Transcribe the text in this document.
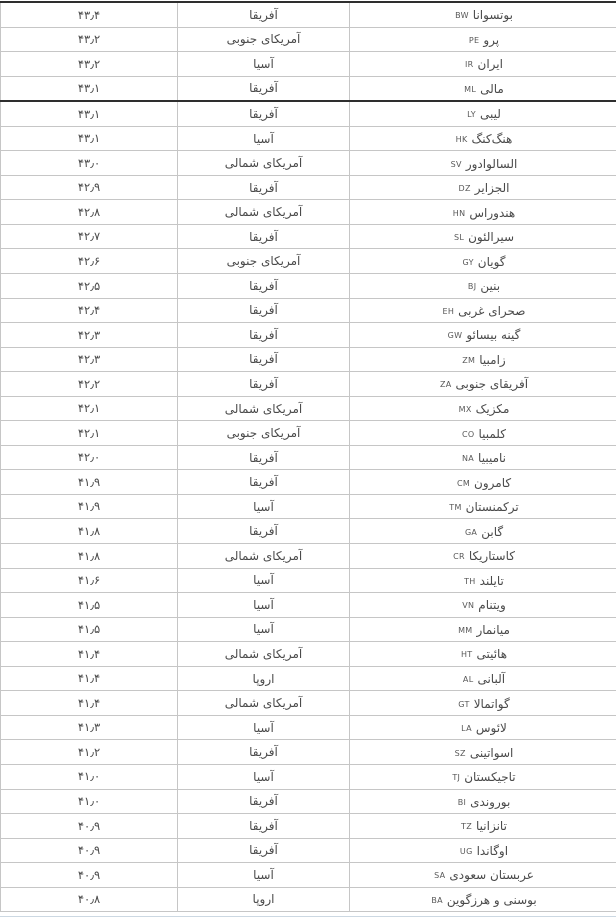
۴۳٫۴	آفریقا	BW بوتسوانا

۴۳٫۲	آمریکای جنوبی	PE پرو

۴۳٫۲	آسیا	IR ایران

۴۳٫۱	آفریقا	ML مالی

۴۳٫۱	آفریقا	LY لیبی

۴۳٫۱	آسیا	HK هنگ‌کنگ

۴۳٫۰	آمریکای شمالی	SV السالوادور

۴۲٫۹	آفریقا	DZ الجزایر

۴۲٫۸	آمریکای شمالی	HN هندوراس

۴۲٫۷	آفریقا	SL سیرالئون

۴۲٫۶	آمریکای جنوبی	GY گویان

۴۲٫۵	آفریقا	BJ بنین

۴۲٫۴	آفریقا	EH صحرای غربی

۴۲٫۳	آفریقا	GW گینه بیسائو

۴۲٫۳	آفریقا	ZM زامبیا

۴۲٫۲	آفریقا	ZA آفریقای جنوبی

۴۲٫۱	آمریکای شمالی	MX مکزیک

۴۲٫۱	آمریکای جنوبی	CO کلمبیا

۴۲٫۰	آفریقا	NA نامیبیا

۴۱٫۹	آفریقا	CM کامرون

۴۱٫۹	آسیا	TM ترکمنستان

۴۱٫۸	آفریقا	GA گابن

۴۱٫۸	آمریکای شمالی	CR کاستاریکا

۴۱٫۶	آسیا	TH تایلند

۴۱٫۵	آسیا	VN ویتنام

۴۱٫۵	آسیا	MM میانمار

۴۱٫۴	آمریکای شمالی	HT هائیتی

۴۱٫۴	اروپا	AL آلبانی

۴۱٫۴	آمریکای شمالی	GT گواتمالا

۴۱٫۳	آسیا	LA لائوس

۴۱٫۲	آفریقا	SZ اسواتینی

۴۱٫۰	آسیا	TJ تاجیکستان

۴۱٫۰	آفریقا	BI بوروندی

۴۰٫۹	آفریقا	TZ تانزانیا

۴۰٫۹	آفریقا	UG اوگاندا

۴۰٫۹	آسیا	SA عربستان سعودی

۴۰٫۸	اروپا	BA بوسنی و هرزگوین
